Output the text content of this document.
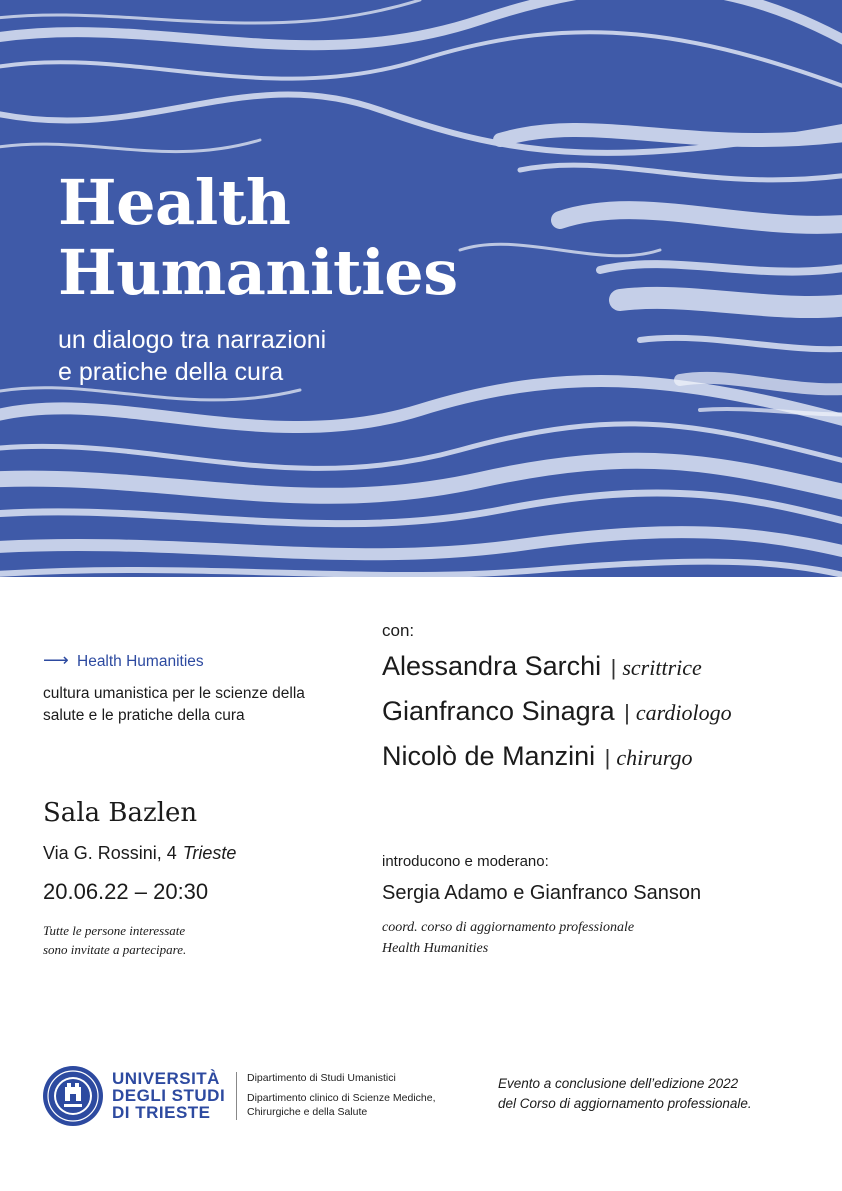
Health
Humanities

un dialogo tra narrazioni
e pratiche della cura

⟶ Health Humanities
cultura umanistica per le scienze della salute e le pratiche della cura
Sala Bazlen
Via G. Rossini, 4 Trieste
20.06.22 – 20:30
Tutte le persone interessate
sono invitate a partecipare.
con:
Alessandra Sarchi | scrittrice
Gianfranco Sinagra | cardiologo
Nicolò de Manzini | chirurgo
introducono e moderano:
Sergia Adamo e Gianfranco Sanson
coord. corso di aggiornamento professionale
Health Humanities
UNIVERSITÀ
DEGLI STUDI
DI TRIESTE
Dipartimento di Studi Umanistici
Dipartimento clinico di Scienze Mediche, Chirurgiche e della Salute
Evento a conclusione dell’edizione 2022
del Corso di aggiornamento professionale.
